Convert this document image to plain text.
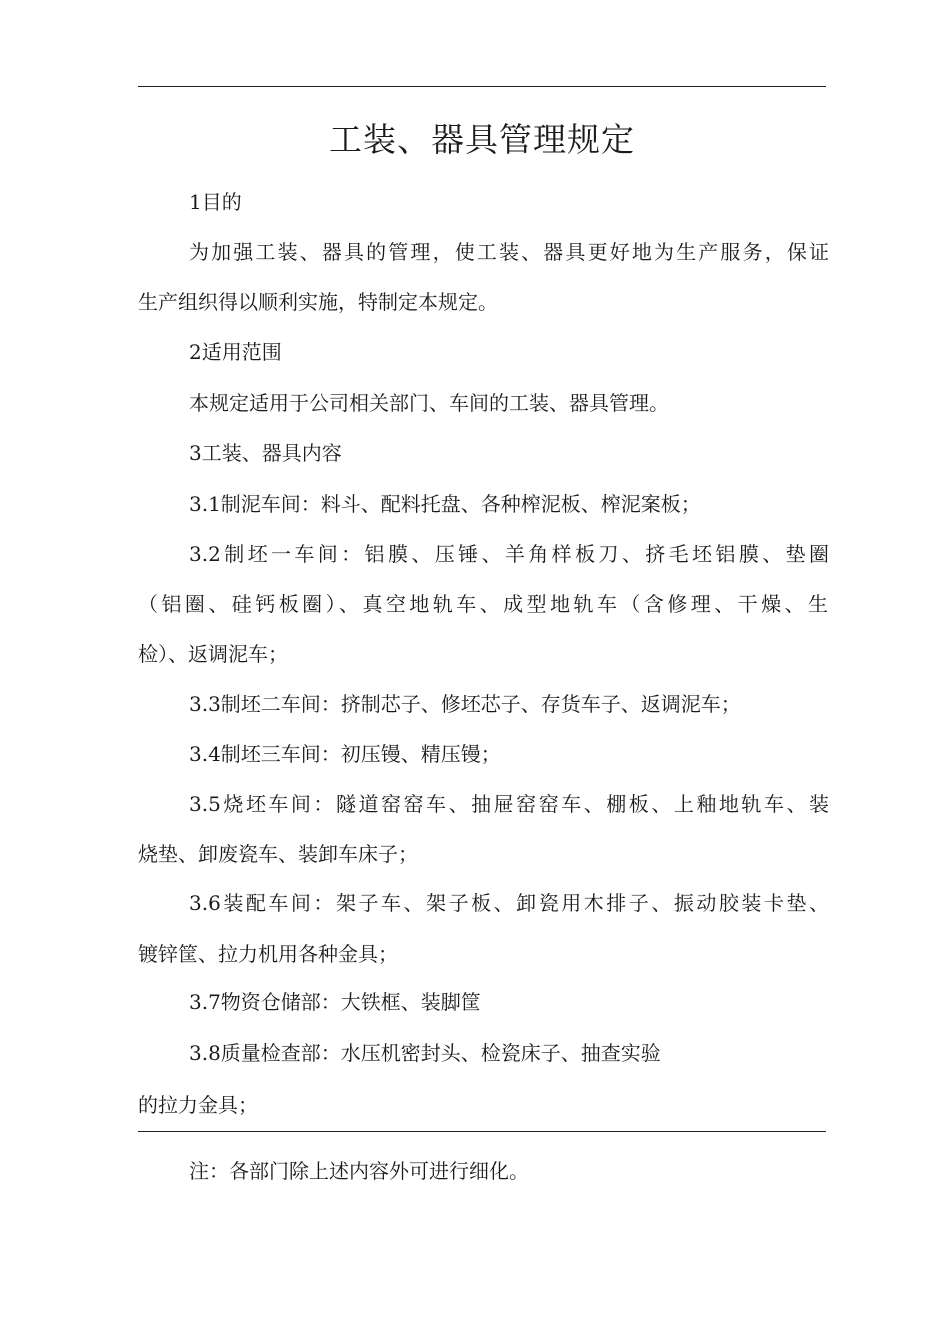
工装、器具管理规定

1目的

为加强工装、器具的管理，使工装、器具更好地为生产服务，保证

生产组织得以顺利实施，特制定本规定。

2适用范围

本规定适用于公司相关部门、车间的工装、器具管理。

3工装、器具内容

3.1制泥车间：料斗、配料托盘、各种榨泥板、榨泥案板；

3.2制坯一车间：铝膜、压锤、羊角样板刀、挤毛坯铝膜、垫圈

（铝圈、硅钙板圈）、真空地轨车、成型地轨车（含修理、干燥、生

检）、返调泥车；

3.3制坯二车间：挤制芯子、修坯芯子、存货车子、返调泥车；

3.4制坯三车间：初压镘、精压镘；

3.5烧坯车间：隧道窑窑车、抽屉窑窑车、棚板、上釉地轨车、装

烧垫、卸废瓷车、装卸车床子；

3.6装配车间：架子车、架子板、卸瓷用木排子、振动胶装卡垫、

镀锌筐、拉力机用各种金具；

3.7物资仓储部：大铁框、装脚筐

3.8质量检查部：水压机密封头、检瓷床子、抽查实验

的拉力金具；

注：各部门除上述内容外可进行细化。
